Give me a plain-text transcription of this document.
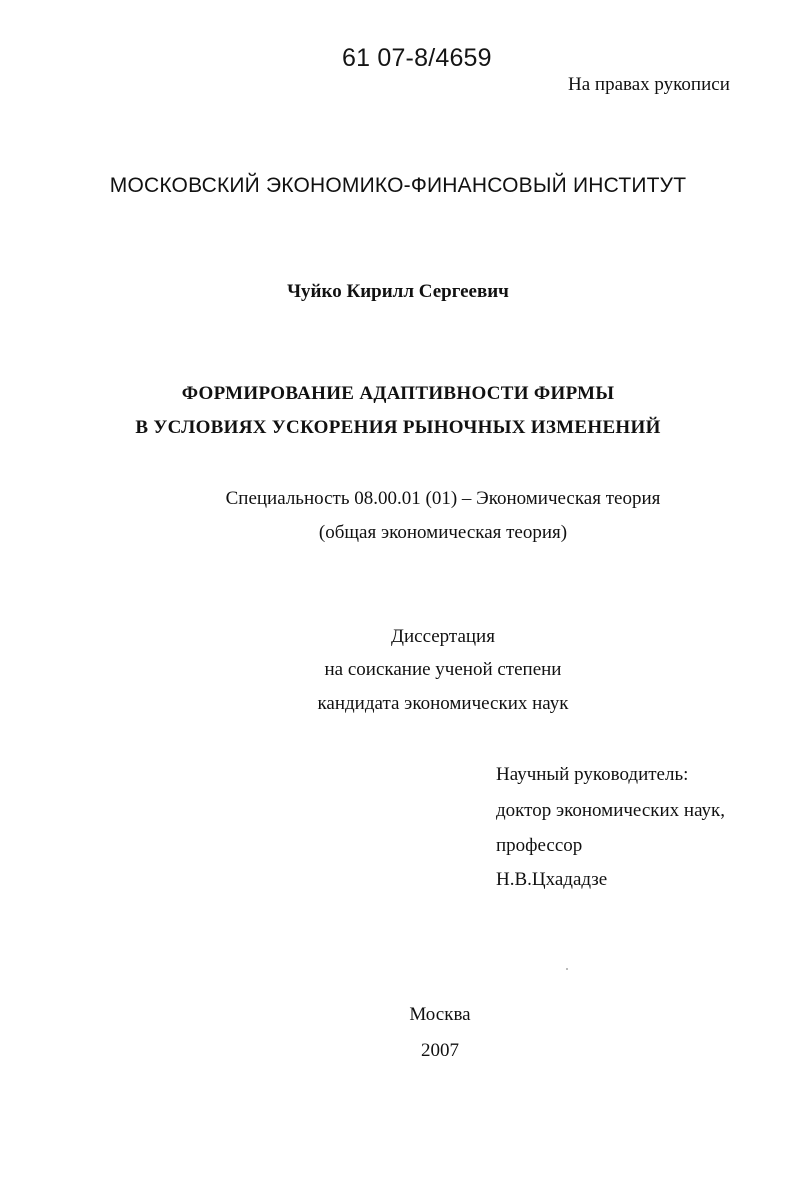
61 07-8/4659
На правах рукописи
МОСКОВСКИЙ ЭКОНОМИКО-ФИНАНСОВЫЙ ИНСТИТУТ
Чуйко Кирилл Сергеевич
ФОРМИРОВАНИЕ АДАПТИВНОСТИ ФИРМЫ
В УСЛОВИЯХ УСКОРЕНИЯ РЫНОЧНЫХ ИЗМЕНЕНИЙ
Специальность 08.00.01 (01) – Экономическая теория
(общая экономическая теория)
Диссертация
на соискание ученой степени
кандидата экономических наук
Научный руководитель:
доктор экономических наук,
профессор
Н.В.Цхададзе
Москва
2007
